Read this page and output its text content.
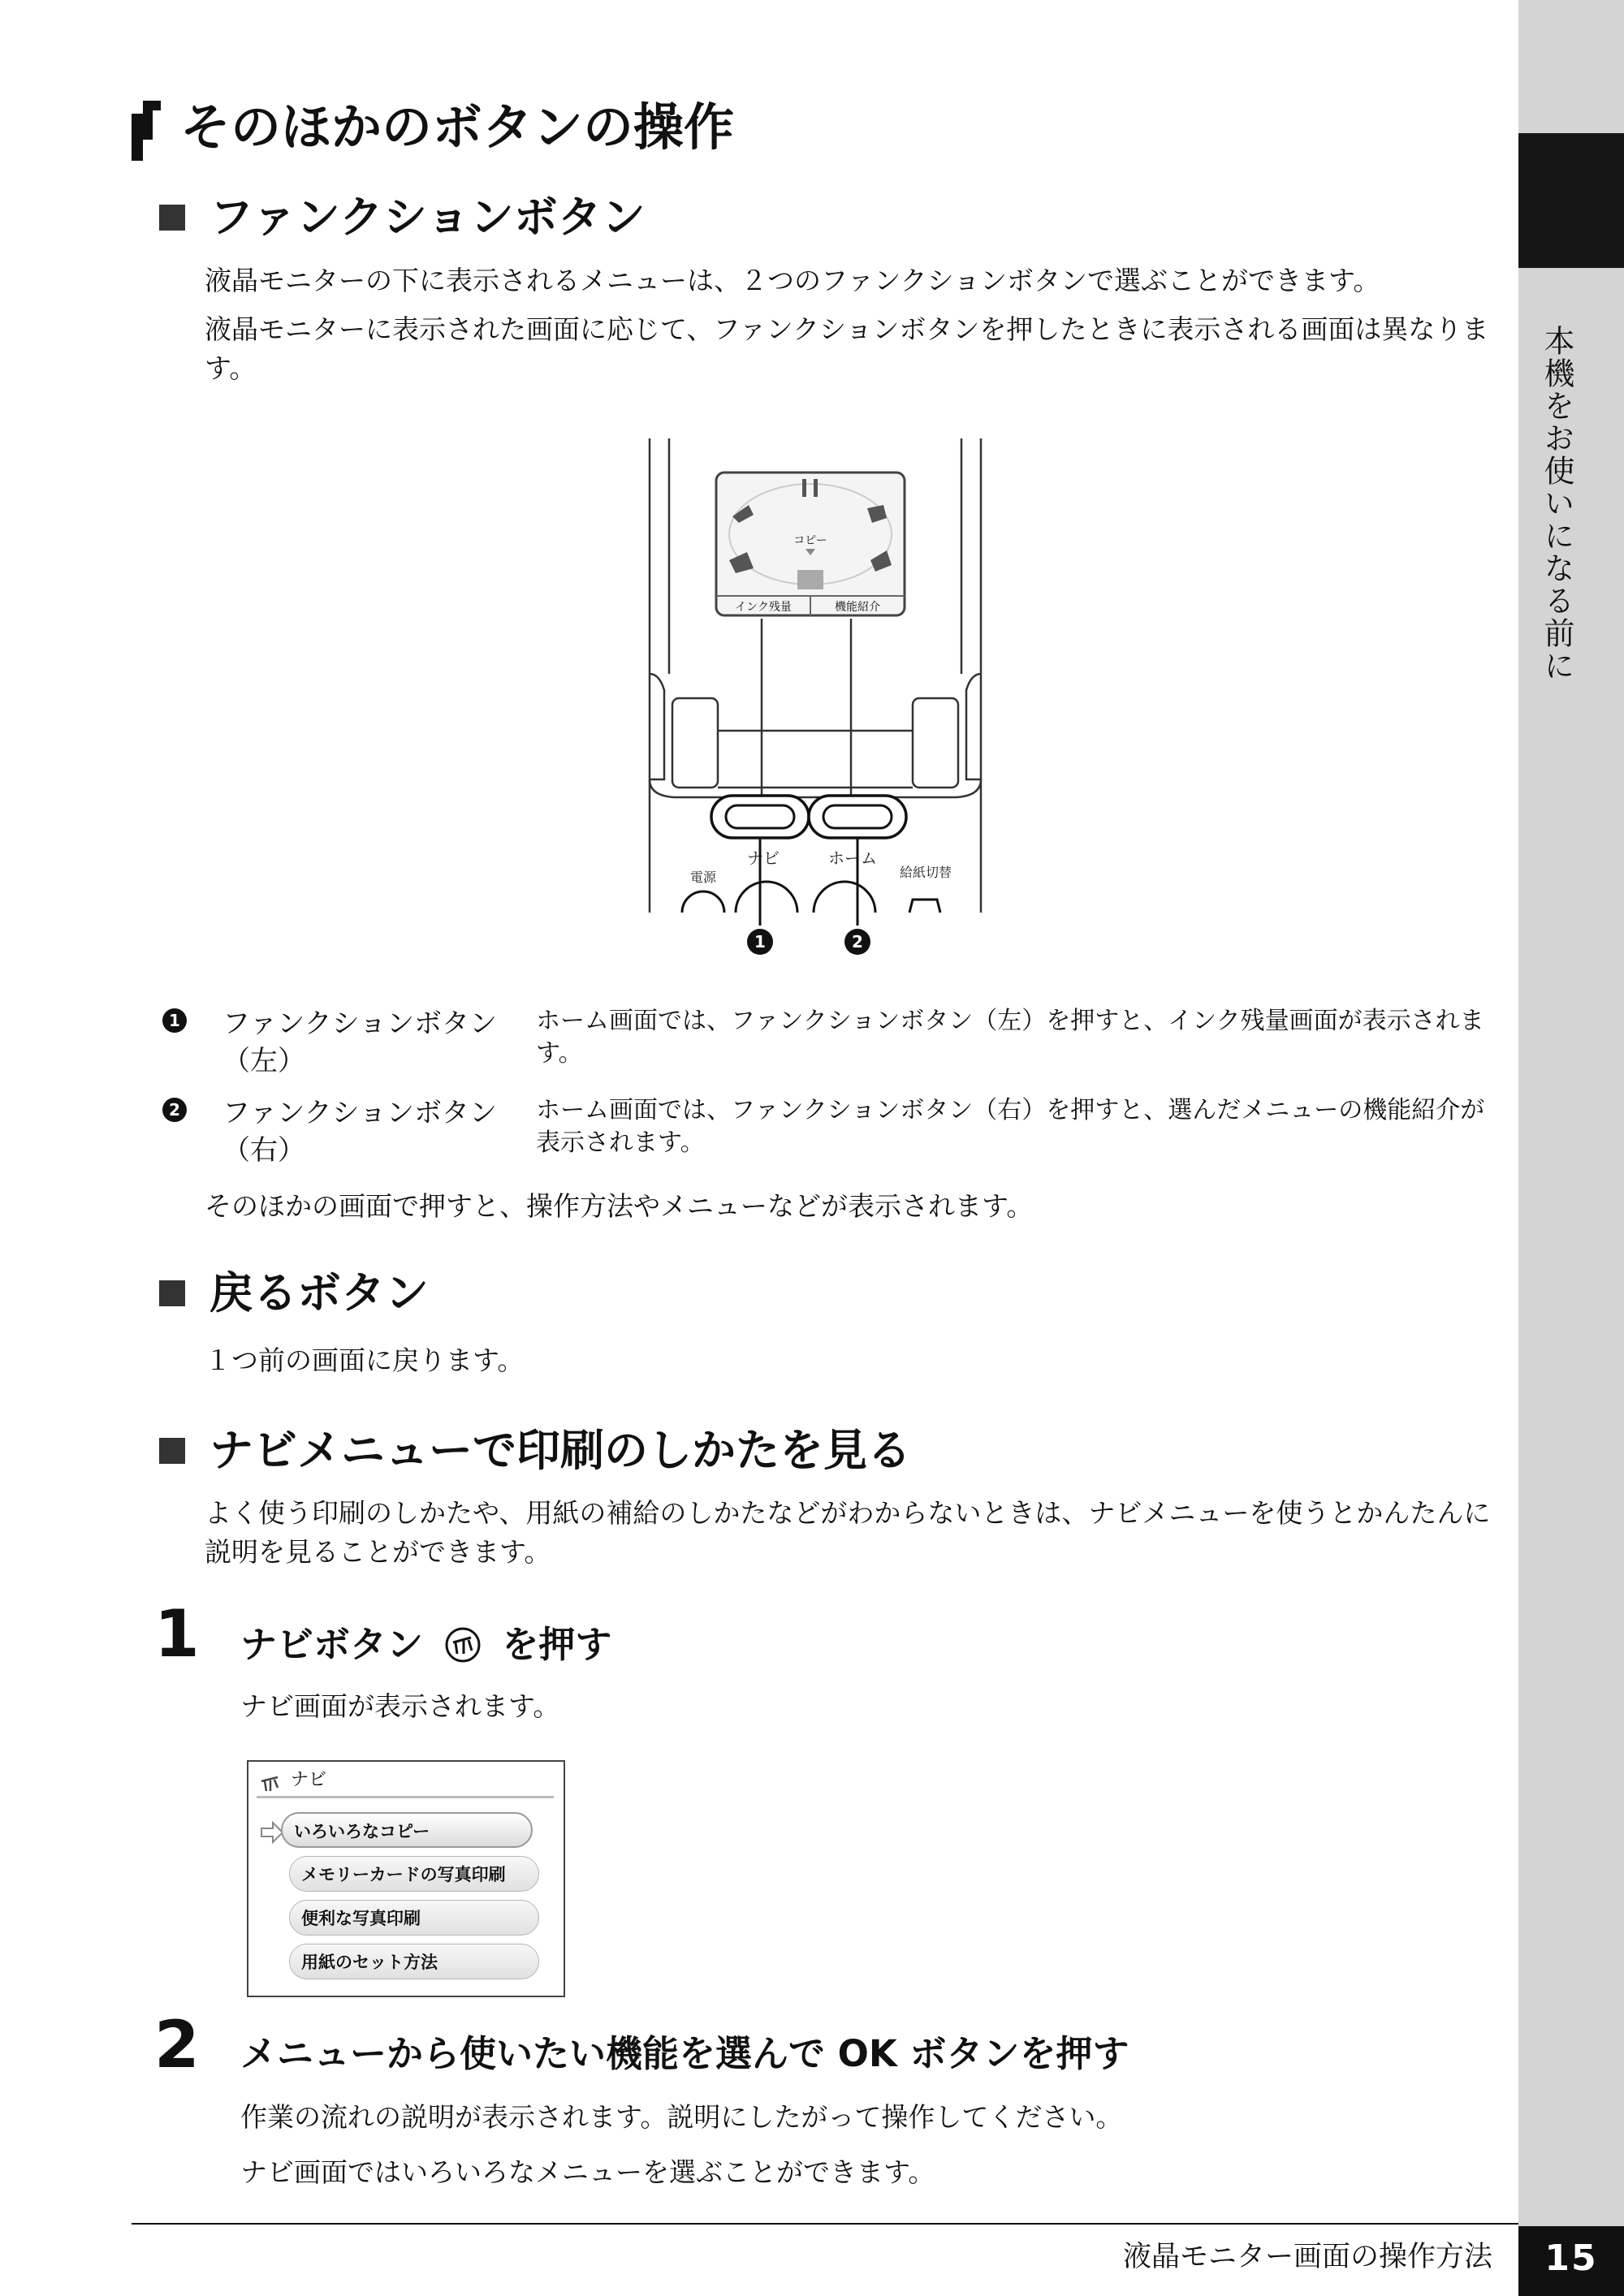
本機をお使いになる前に
そのほかのボタンの操作
ファンクションボタン

液晶モニターの下に表示されるメニューは、２つのファンクションボタンで選ぶことができます。

液晶モニターに表示された画面に応じて、ファンクションボタンを押したときに表示される画面は異なります。

コピー
インク残量	機能紹介
ナビ	ホーム
電源	給紙切替
1	2
1 ファンクションボタン（左）
ホーム画面では、ファンクションボタン（左）を押すと、インク残量画面が表示されます。
2 ファンクションボタン（右）
ホーム画面では、ファンクションボタン（右）を押すと、選んだメニューの機能紹介が表示されます。

そのほかの画面で押すと、操作方法やメニューなどが表示されます。

戻るボタン

１つ前の画面に戻ります。

ナビメニューで印刷のしかたを見る

よく使う印刷のしかたや、用紙の補給のしかたなどがわからないときは、ナビメニューを使うとかんたんに説明を見ることができます。

1 ナビボタン を押す

ナビ画面が表示されます。

ナビ
いろいろなコピー
メモリーカードの写真印刷
便利な写真印刷
用紙のセット方法
2 メニューから使いたい機能を選んで OK ボタンを押す

作業の流れの説明が表示されます。説明にしたがって操作してください。

ナビ画面ではいろいろなメニューを選ぶことができます。

液晶モニター画面の操作方法	15
